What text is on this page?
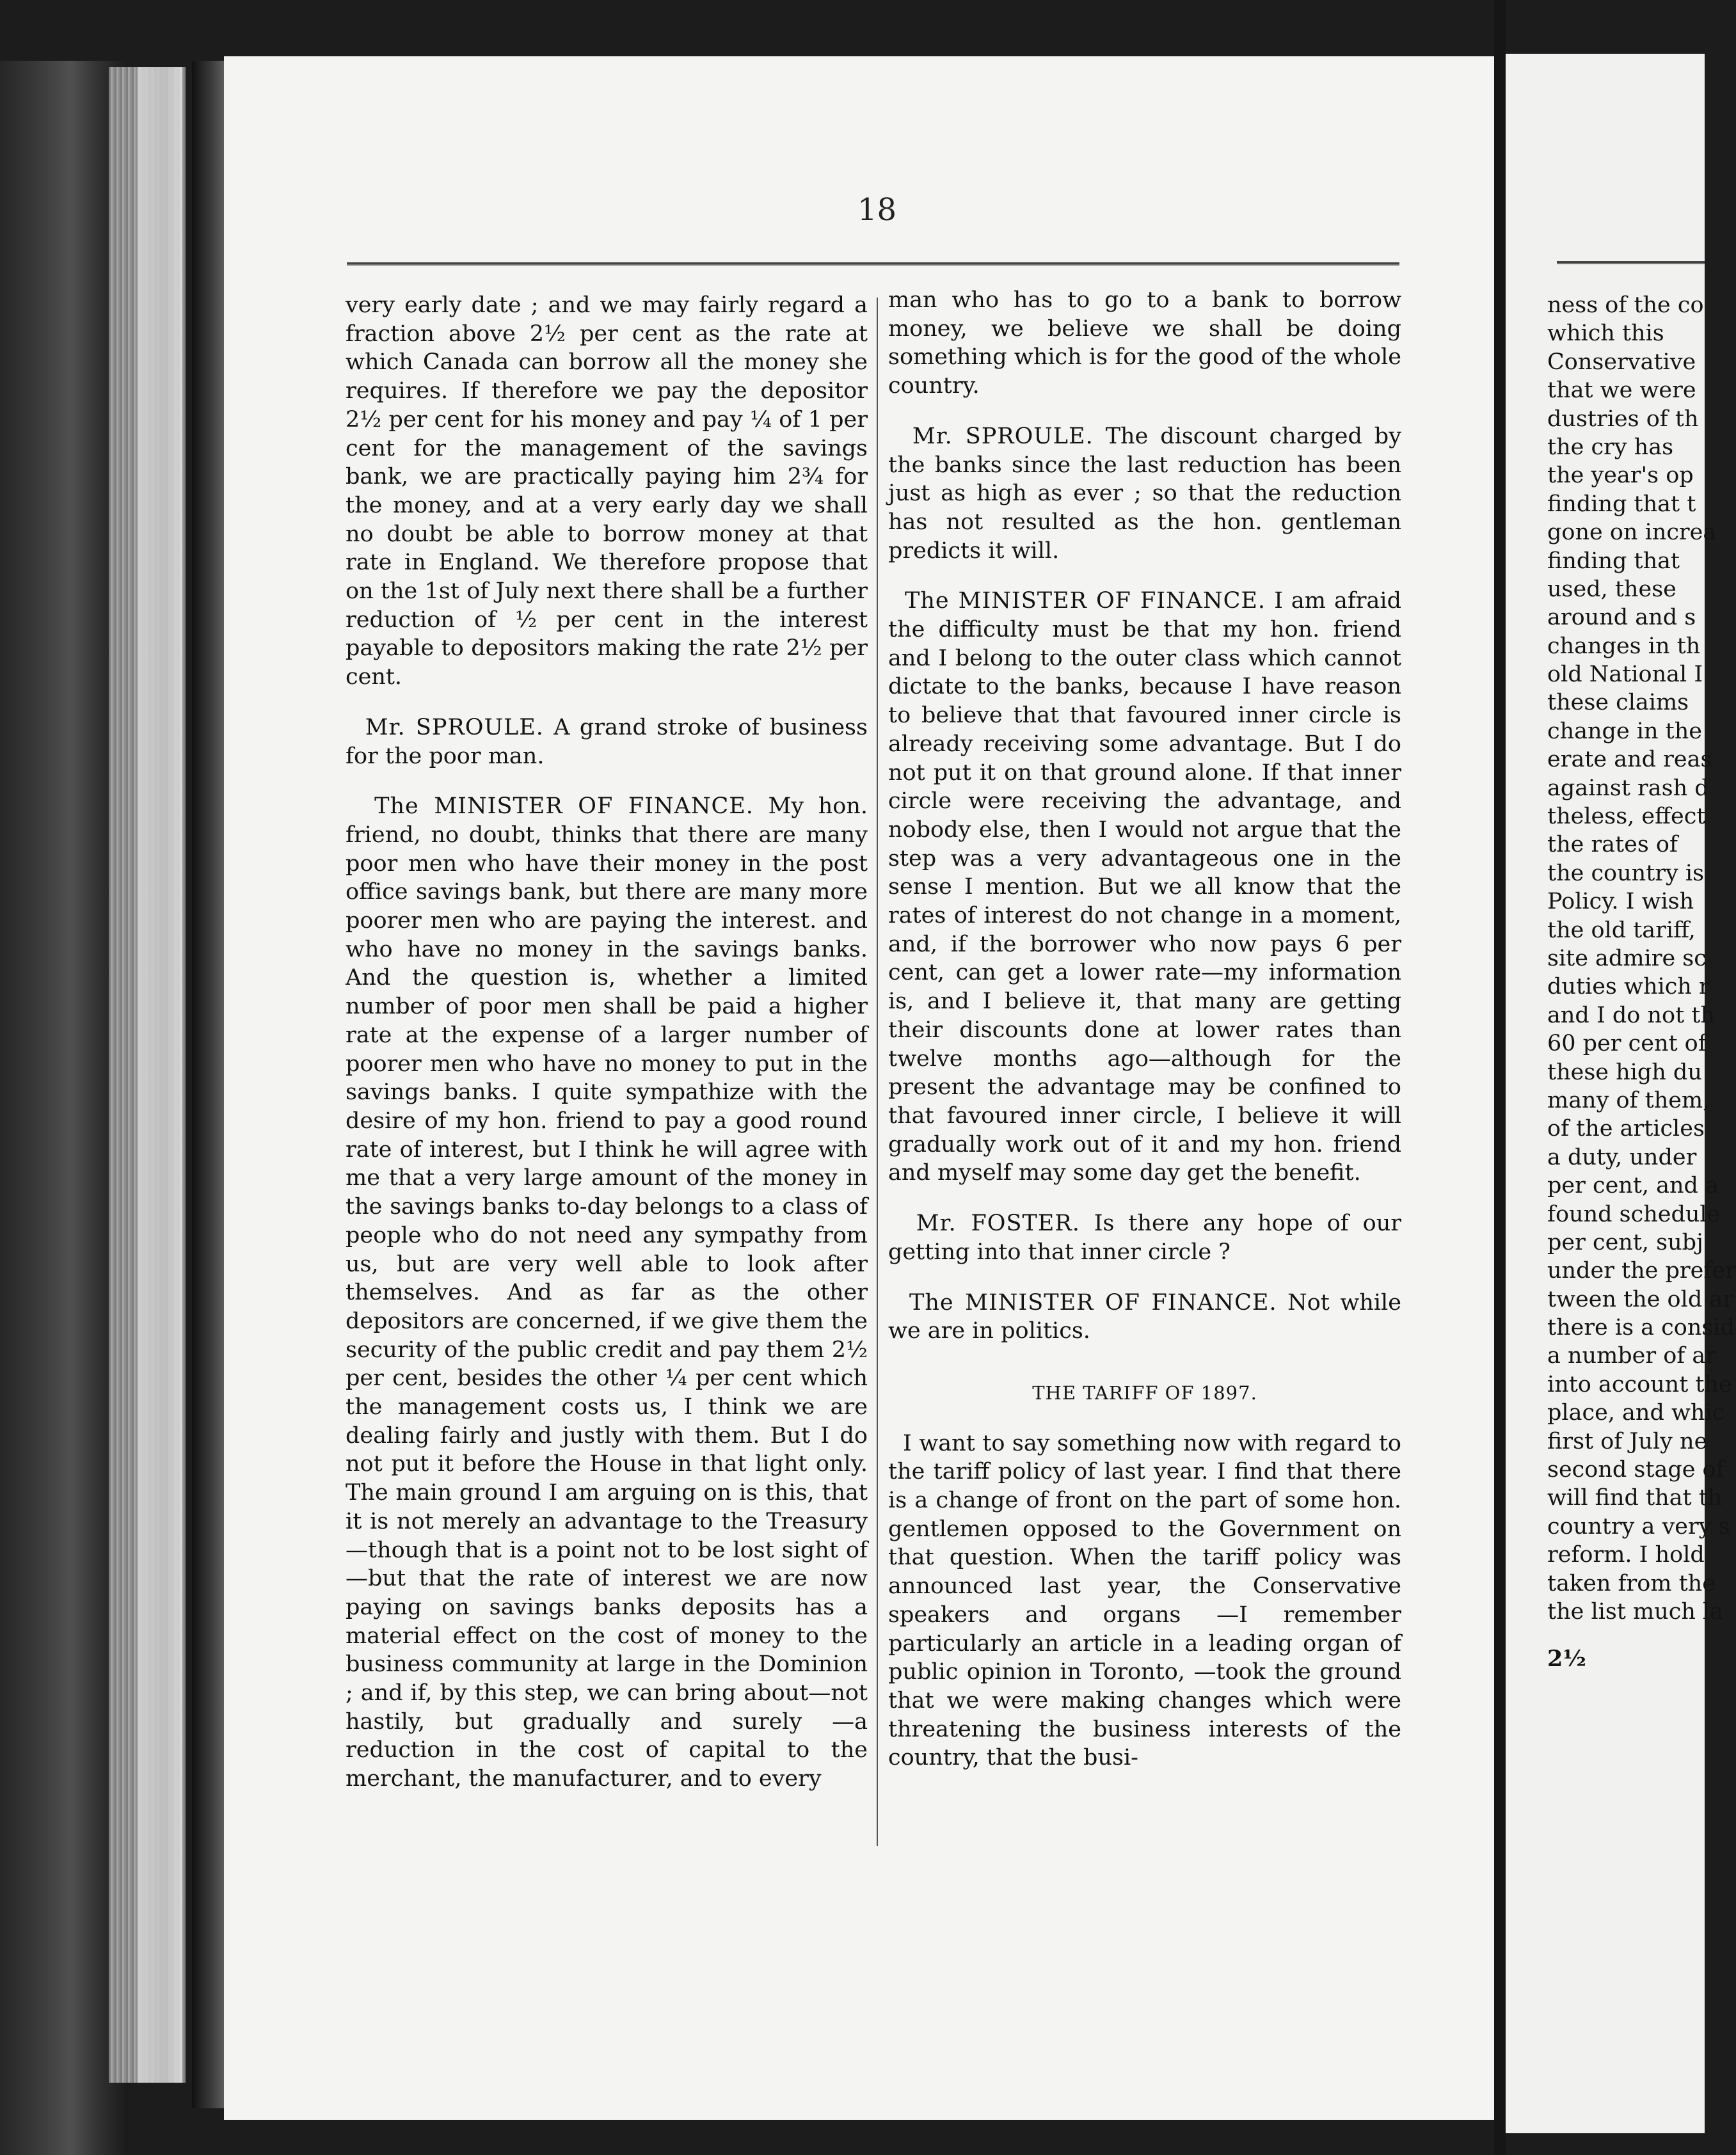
18

very early date ; and we may fairly regard a fraction above 2½ per cent as the rate at which Canada can borrow all the money she requires. If therefore we pay the depositor 2½ per cent for his money and pay ¼ of 1 per cent for the management of the savings bank, we are practically paying him 2¾ for the money, and at a very early day we shall no doubt be able to borrow money at that rate in England. We therefore propose that on the 1st of July next there shall be a further reduction of ½ per cent in the interest payable to depositors making the rate 2½ per cent.

Mr. SPROULE. A grand stroke of business for the poor man.

The MINISTER OF FINANCE. My hon. friend, no doubt, thinks that there are many poor men who have their money in the post office savings bank, but there are many more poorer men who are paying the interest. and who have no money in the savings banks. And the question is, whether a limited number of poor men shall be paid a higher rate at the expense of a larger number of poorer men who have no money to put in the savings banks. I quite sympathize with the desire of my hon. friend to pay a good round rate of interest, but I think he will agree with me that a very large amount of the money in the savings banks to-day belongs to a class of people who do not need any sympathy from us, but are very well able to look after themselves. And as far as the other depositors are concerned, if we give them the security of the public credit and pay them 2½ per cent, besides the other ¼ per cent which the management costs us, I think we are dealing fairly and justly with them. But I do not put it before the House in that light only. The main ground I am arguing on is this, that it is not merely an advantage to the Treasury —though that is a point not to be lost sight of—but that the rate of interest we are now paying on savings banks deposits has a material effect on the cost of money to the business community at large in the Dominion ; and if, by this step, we can bring about—not hastily, but gradually and surely —a reduction in the cost of capital to the merchant, the manufacturer, and to every

man who has to go to a bank to borrow money, we believe we shall be doing something which is for the good of the whole country.

Mr. SPROULE. The discount charged by the banks since the last reduction has been just as high as ever ; so that the reduction has not resulted as the hon. gentleman predicts it will.

The MINISTER OF FINANCE. I am afraid the difficulty must be that my hon. friend and I belong to the outer class which cannot dictate to the banks, because I have reason to believe that that favoured inner circle is already receiving some advantage. But I do not put it on that ground alone. If that inner circle were receiving the advantage, and nobody else, then I would not argue that the step was a very advantageous one in the sense I mention. But we all know that the rates of interest do not change in a moment, and, if the borrower who now pays 6 per cent, can get a lower rate—my information is, and I believe it, that many are getting their discounts done at lower rates than twelve months ago—although for the present the advantage may be confined to that favoured inner circle, I believe it will gradually work out of it and my hon. friend and myself may some day get the benefit.

Mr. FOSTER. Is there any hope of our getting into that inner circle ?

The MINISTER OF FINANCE. Not while we are in politics.

THE TARIFF OF 1897.

I want to say something now with regard to the tariff policy of last year. I find that there is a change of front on the part of some hon. gentlemen opposed to the Government on that question. When the tariff policy was announced last year, the Conservative speakers and organs —I remember particularly an article in a leading organ of public opinion in Toronto, —took the ground that we were making changes which were threatening the business interests of the country, that the busi-

ness of the co
which this
Conservative
that we were
dustries of th
the cry has
the year's op
finding that t
gone on increa
finding that
used, these
around and s
changes in th
old National I
these claims
change in the
erate and reas
against rash d
theless, effect
the rates of
the country is
Policy. I wish
the old tariff,
site admire sc
duties which r
and I do not th
60 per cent of
these high du
many of them,
of the articles
a duty, under
per cent, and a
found schedule
per cent, subj
under the prefer
tween the old ar
there is a consid
a number of ar
into account the
place, and whic
first of July ne
second stage of
will find that th
country a very s
reform. I hold
taken from the
the list much la
2½
